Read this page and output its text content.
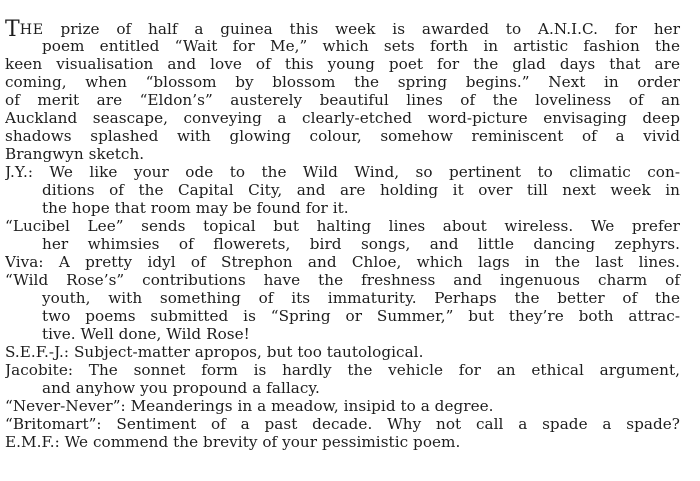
THE prize of half a guinea this week is awarded to A.N.I.C. for her
poem entitled “Wait for Me,” which sets forth in artistic fashion the
keen visualisation and love of this young poet for the glad days that are
coming, when “blossom by blossom the spring begins.” Next in order
of merit are “Eldon’s” austerely beautiful lines of the loveliness of an
Auckland seascape, conveying a clearly-etched word-picture envisaging deep
shadows splashed with glowing colour, somehow reminiscent of a vivid
Brangwyn sketch.
J.Y.: We like your ode to the Wild Wind, so pertinent to climatic con-
ditions of the Capital City, and are holding it over till next week in
the hope that room may be found for it.
“Lucibel Lee” sends topical but halting lines about wireless. We prefer
her whimsies of flowerets, bird songs, and little dancing zephyrs.
Viva: A pretty idyl of Strephon and Chloe, which lags in the last lines.
“Wild Rose’s” contributions have the freshness and ingenuous charm of
youth, with something of its immaturity. Perhaps the better of the
two poems submitted is “Spring or Summer,” but they’re both attrac-
tive. Well done, Wild Rose!
S.E.F.-J.: Subject-matter apropos, but too tautological.
Jacobite: The sonnet form is hardly the vehicle for an ethical argument,
and anyhow you propound a fallacy.
“Never-Never”: Meanderings in a meadow, insipid to a degree.
“Britomart”: Sentiment of a past decade. Why not call a spade a spade?
E.M.F.: We commend the brevity of your pessimistic poem.
